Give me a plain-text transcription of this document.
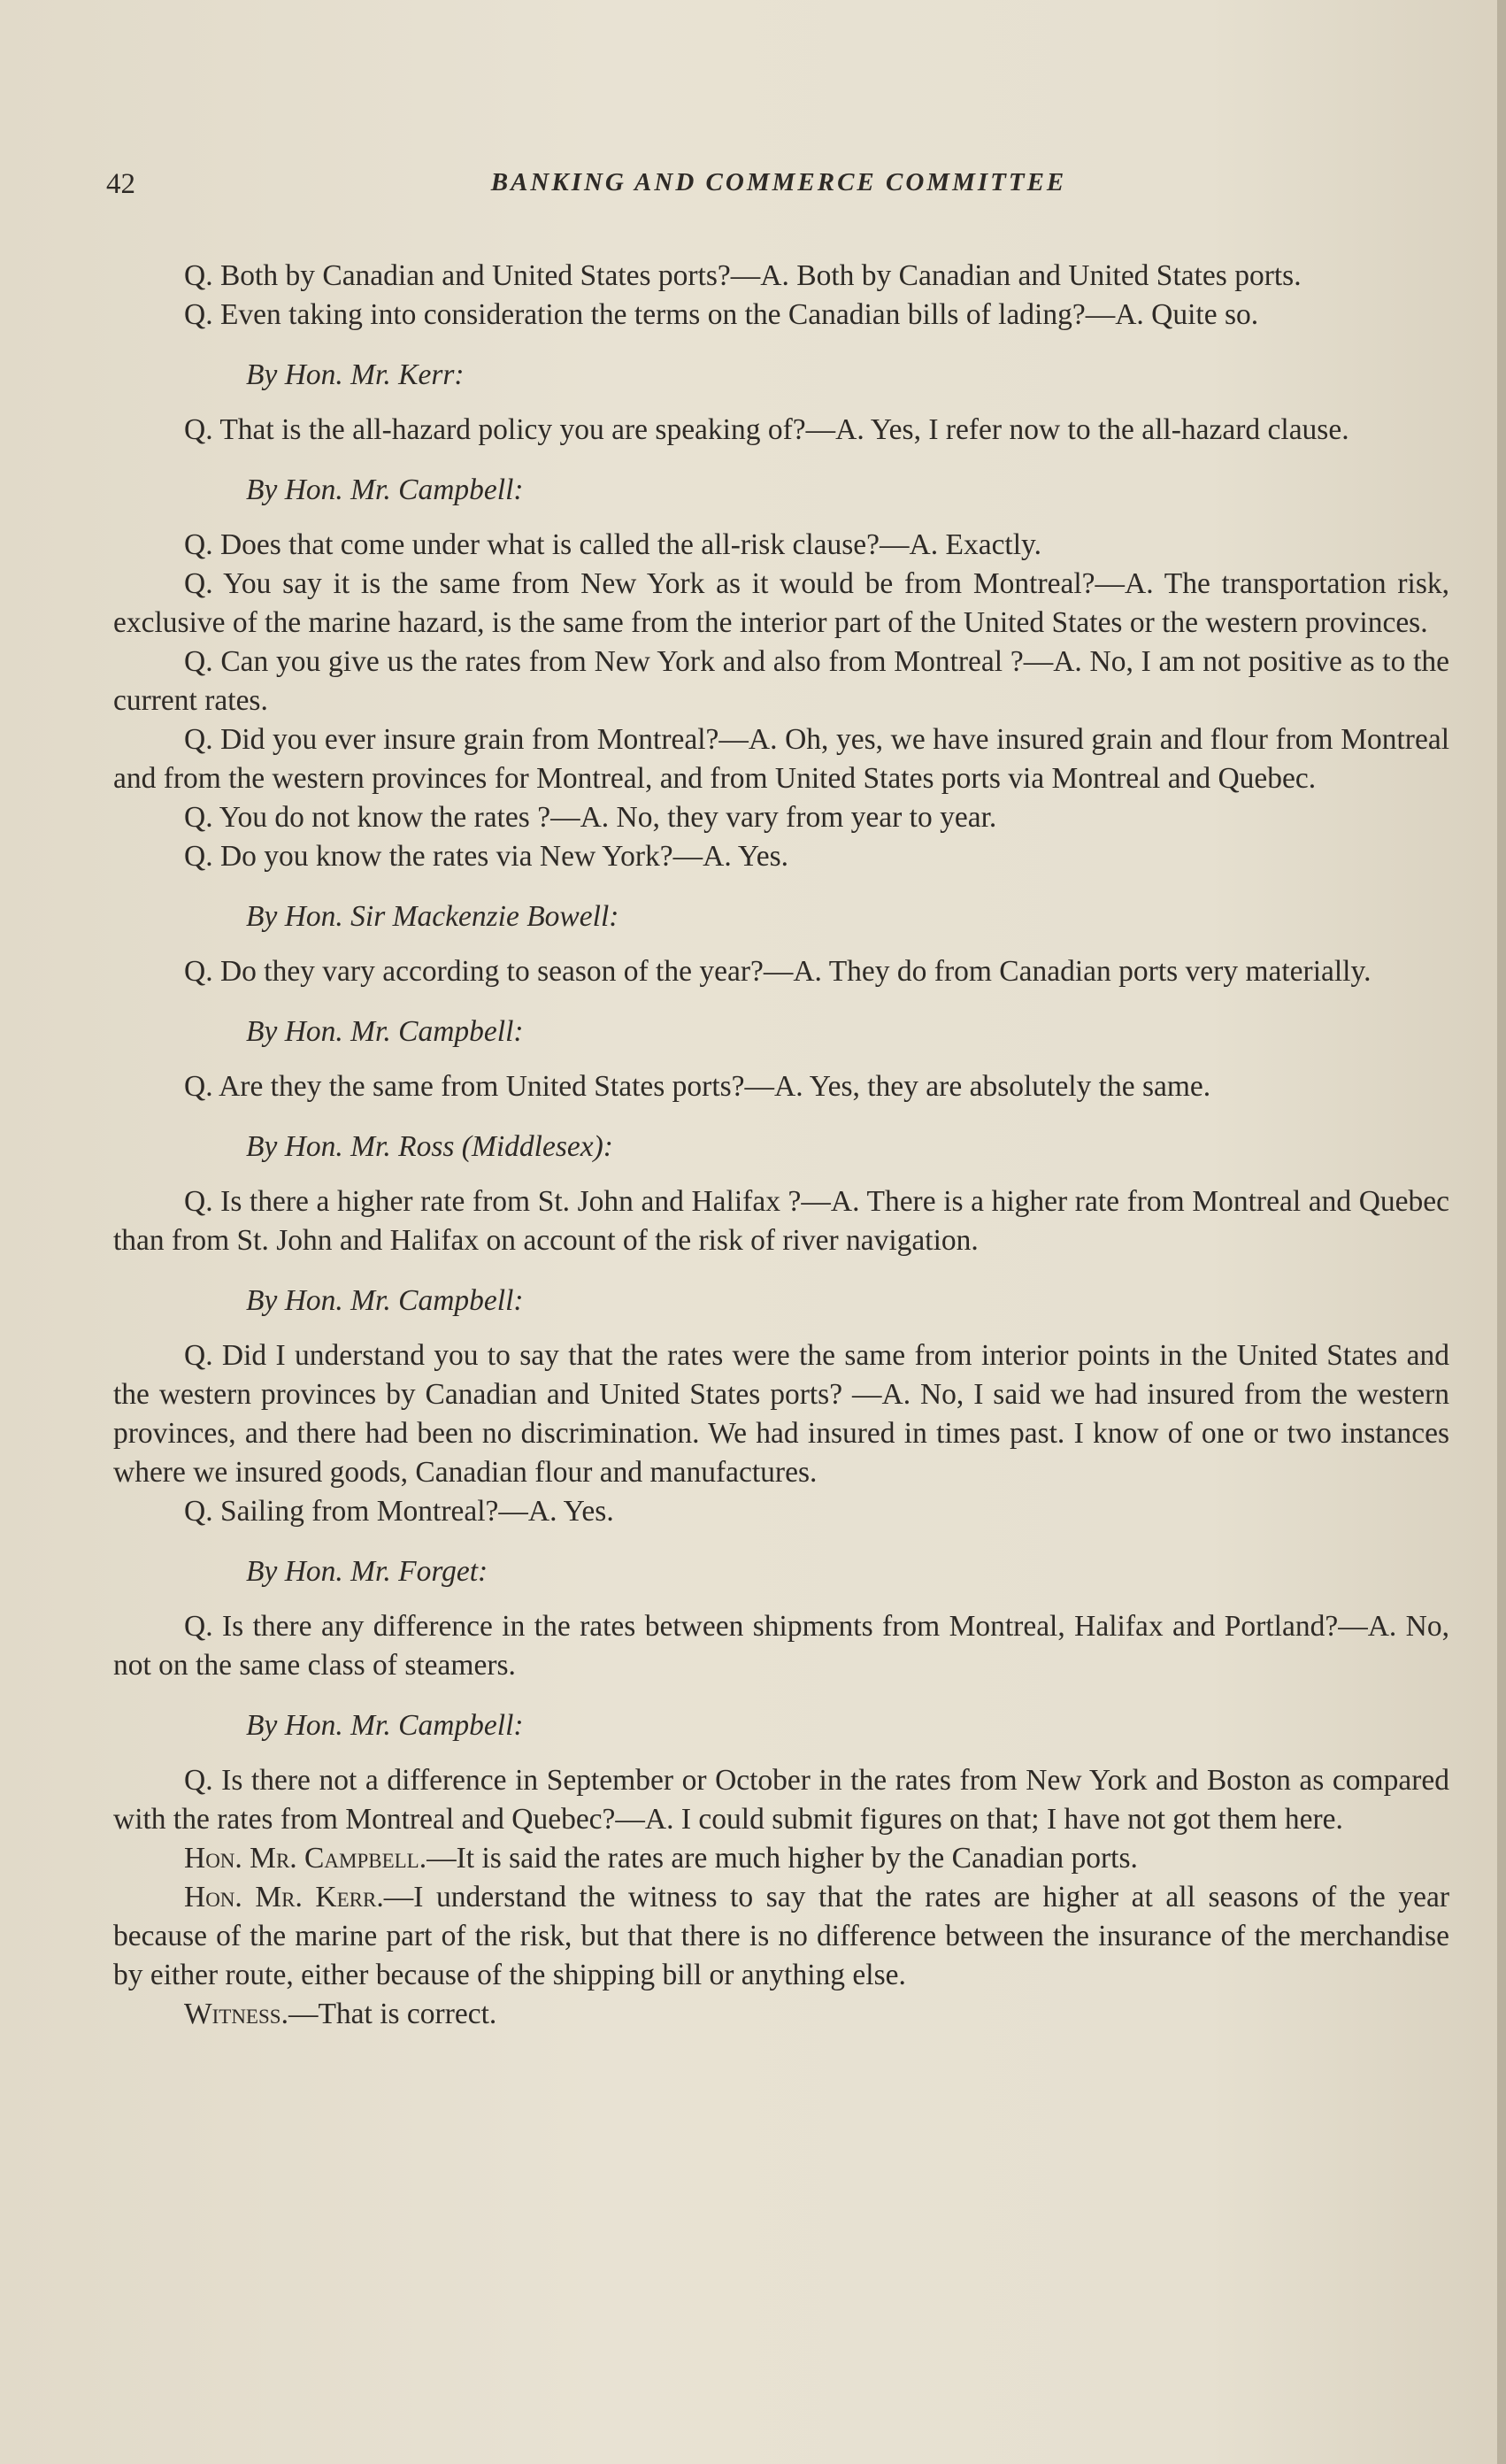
42	BANKING AND COMMERCE COMMITTEE

Q. Both by Canadian and United States ports?—A. Both by Canadian and United States ports.

Q. Even taking into consideration the terms on the Canadian bills of lading?—A. Quite so.

By Hon. Mr. Kerr:

Q. That is the all-hazard policy you are speaking of?—A. Yes, I refer now to the all-hazard clause.

By Hon. Mr. Campbell:

Q. Does that come under what is called the all-risk clause?—A. Exactly.

Q. You say it is the same from New York as it would be from Montreal?—A. The transportation risk, exclusive of the marine hazard, is the same from the interior part of the United States or the western provinces.

Q. Can you give us the rates from New York and also from Montreal ?—A. No, I am not positive as to the current rates.

Q. Did you ever insure grain from Montreal?—A. Oh, yes, we have insured grain and flour from Montreal and from the western provinces for Montreal, and from United States ports via Montreal and Quebec.

Q. You do not know the rates ?—A. No, they vary from year to year.

Q. Do you know the rates via New York?—A. Yes.

By Hon. Sir Mackenzie Bowell:

Q. Do they vary according to season of the year?—A. They do from Canadian ports very materially.

By Hon. Mr. Campbell:

Q. Are they the same from United States ports?—A. Yes, they are absolutely the same.

By Hon. Mr. Ross (Middlesex):

Q. Is there a higher rate from St. John and Halifax ?—A. There is a higher rate from Montreal and Quebec than from St. John and Halifax on account of the risk of river navigation.

By Hon. Mr. Campbell:

Q. Did I understand you to say that the rates were the same from interior points in the United States and the western provinces by Canadian and United States ports? —A. No, I said we had insured from the western provinces, and there had been no discrimination. We had insured in times past. I know of one or two instances where we insured goods, Canadian flour and manufactures.

Q. Sailing from Montreal?—A. Yes.

By Hon. Mr. Forget:

Q. Is there any difference in the rates between shipments from Montreal, Halifax and Portland?—A. No, not on the same class of steamers.

By Hon. Mr. Campbell:

Q. Is there not a difference in September or October in the rates from New York and Boston as compared with the rates from Montreal and Quebec?—A. I could submit figures on that; I have not got them here.

Hon. Mr. Campbell.—It is said the rates are much higher by the Canadian ports.

Hon. Mr. Kerr.—I understand the witness to say that the rates are higher at all seasons of the year because of the marine part of the risk, but that there is no difference between the insurance of the merchandise by either route, either because of the shipping bill or anything else.

Witness.—That is correct.
